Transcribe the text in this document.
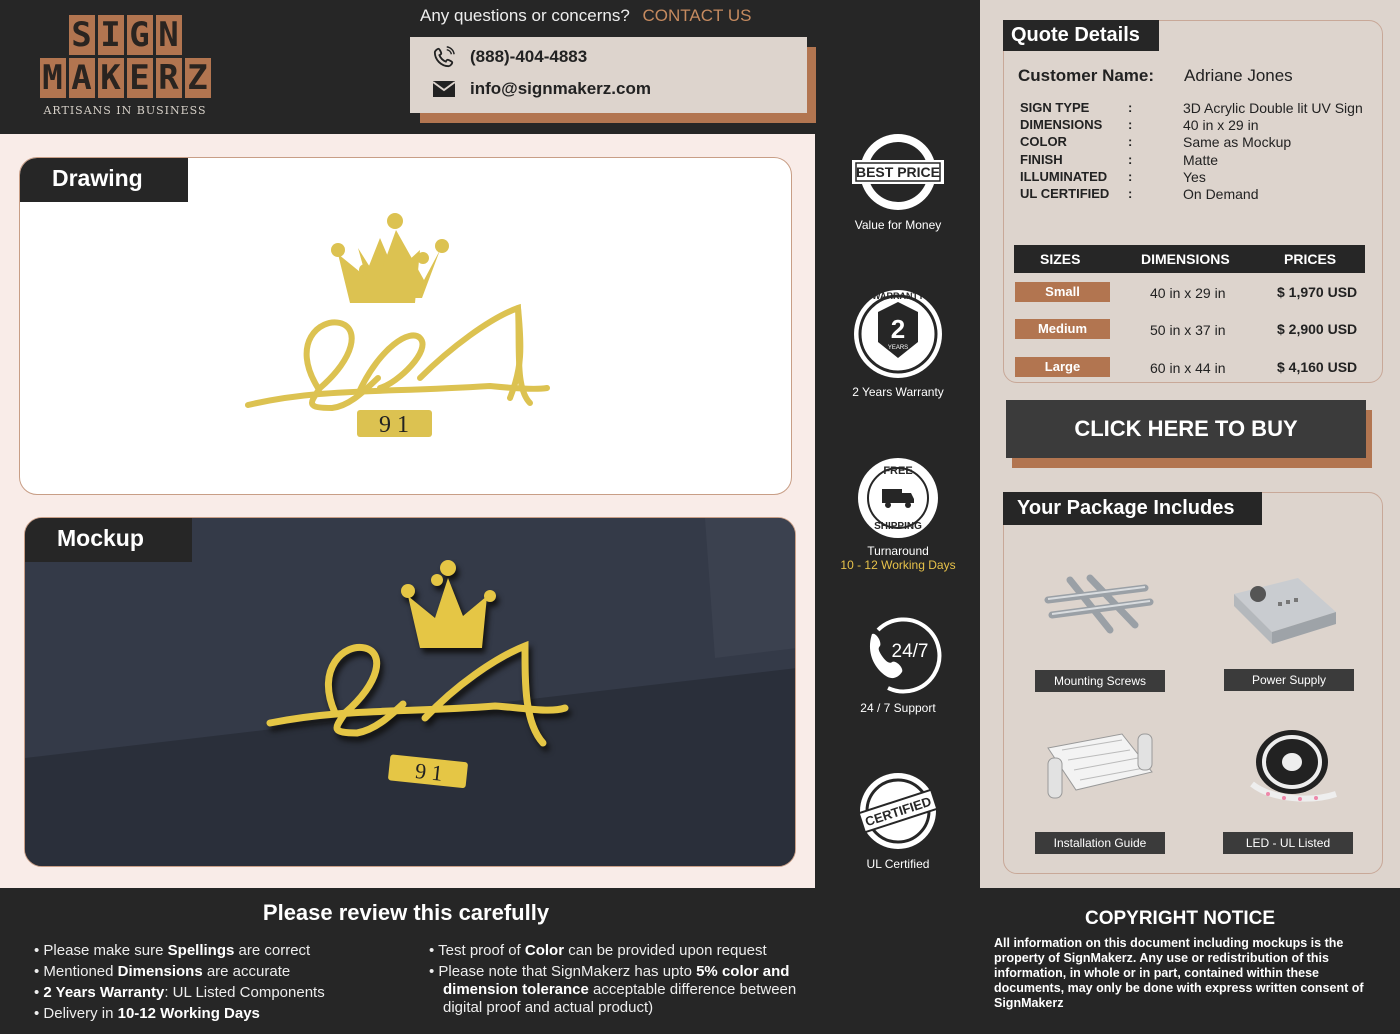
S I G N
M A K E R Z
ARTISANS IN BUSINESS
Any questions or concerns? CONTACT US
(888)-404-4883
info@signmakerz.com
Drawing
9 1
9 1
Mockup
BEST PRICE
Value for Money
WARRANTY
2
YEARS
2 Years Warranty
FREE
SHIPPING
Turnaround
10 - 12 Working Days
24/7
24 / 7 Support
CERTIFIED
UL Certified
Quote Details
Customer Name: Adriane Jones
SIGN TYPE	:	3D Acrylic Double lit UV Sign
DIMENSIONS :	40 in x 29 in
COLOR	:	Same as Mockup
FINISH	:	Matte
ILLUMINATED :	Yes
UL CERTIFIED :	On Demand
SIZES	DIMENSIONS	PRICES
Small	40 in x 29 in	$ 1,970 USD
Medium	50 in x 37 in	$ 2,900 USD
Large	60 in x 44 in	$ 4,160 USD
CLICK HERE TO BUY
Your Package Includes
Mounting Screws	Power Supply
Installation Guide	LED - UL Listed
Please review this carefully
• Please make sure Spellings are correct
• Mentioned Dimensions are accurate
• 2 Years Warranty: UL Listed Components
• Delivery in 10-12 Working Days
• Test proof of Color can be provided upon request
• Please note that SignMakerz has upto 5% color and dimension tolerance acceptable difference between digital proof and actual product)
COPYRIGHT NOTICE
All information on this document including mockups is the property of SignMakerz. Any use or redistribution of this information, in whole or in part, contained within these documents, may only be done with express written consent of SignMakerz
